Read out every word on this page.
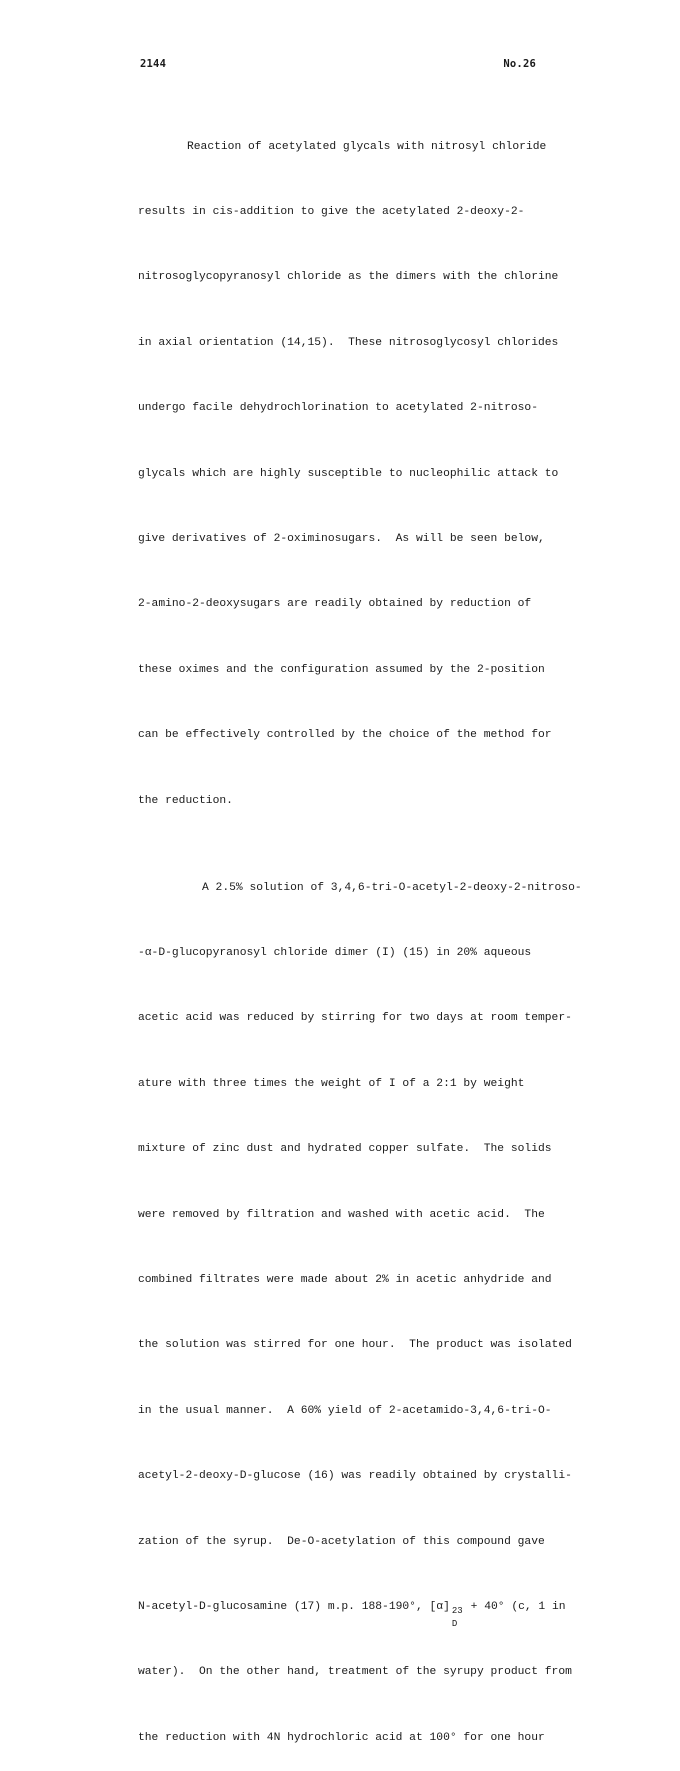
2144	No.26

Reaction of acetylated glycals with nitrosyl chloride

results in cis-addition to give the acetylated 2-deoxy-2-

nitrosoglycopyranosyl chloride as the dimers with the chlorine

in axial orientation (14,15).  These nitrosoglycosyl chlorides

undergo facile dehydrochlorination to acetylated 2-nitroso-

glycals which are highly susceptible to nucleophilic attack to

give derivatives of 2-oximinosugars.  As will be seen below,

2-amino-2-deoxysugars are readily obtained by reduction of

these oximes and the configuration assumed by the 2-position

can be effectively controlled by the choice of the method for

the reduction.

A 2.5% solution of 3,4,6-tri-O-acetyl-2-deoxy-2-nitroso-

-α-D-glucopyranosyl chloride dimer (I) (15) in 20% aqueous

acetic acid was reduced by stirring for two days at room temper-

ature with three times the weight of I of a 2:1 by weight

mixture of zinc dust and hydrated copper sulfate.  The solids

were removed by filtration and washed with acetic acid.  The

combined filtrates were made about 2% in acetic anhydride and

the solution was stirred for one hour.  The product was isolated

in the usual manner.  A 60% yield of 2-acetamido-3,4,6-tri-O-

acetyl-2-deoxy-D-glucose (16) was readily obtained by crystalli-

zation of the syrup.  De-O-acetylation of this compound gave

N-acetyl-D-glucosamine (17) m.p. 188-190°, [α] 23
D
+ 40° (c, 1 in

water).  On the other hand, treatment of the syrupy product from

the reduction with 4N hydrochloric acid at 100° for one hour
